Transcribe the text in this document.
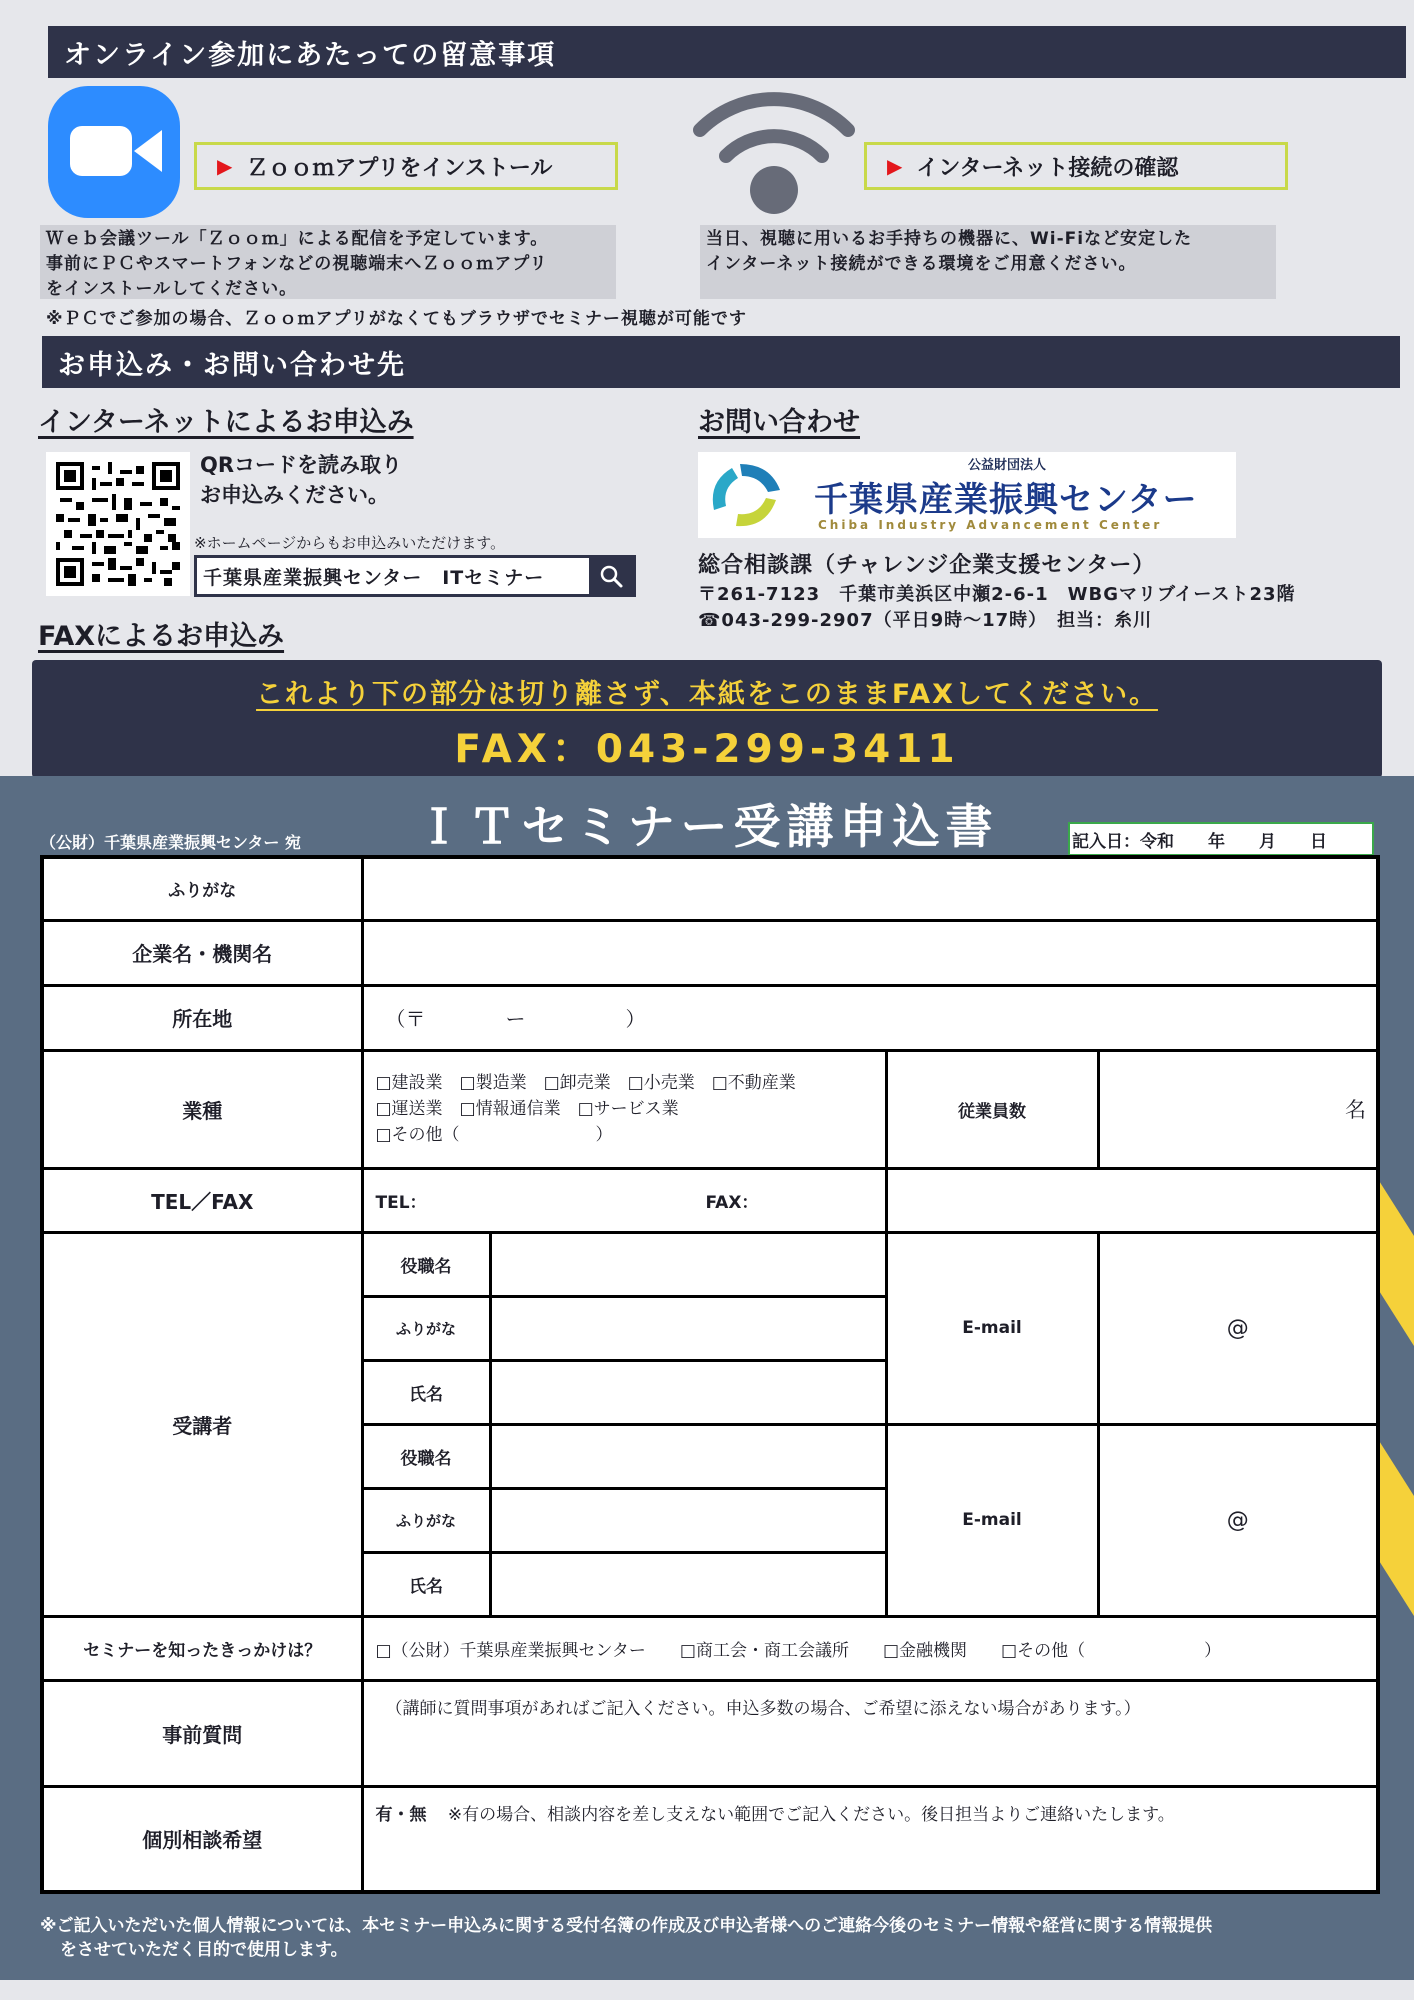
オンライン参加にあたっての留意事項
▶ Ｚｏｏｍアプリをインストール	▶ インターネット接続の確認
Ｗｅｂ会議ツール「Ｚｏｏｍ」による配信を予定しています。
事前にＰＣやスマートフォンなどの視聴端末へＺｏｏｍアプリ
をインストールしてください。
当日、視聴に用いるお手持ちの機器に、Wi-Fiなど安定した
インターネット接続ができる環境をご用意ください。
※ＰＣでご参加の場合、Ｚｏｏｍアプリがなくてもブラウザでセミナー視聴が可能です
お申込み・お問い合わせ先
インターネットによるお申込み
QRコードを読み取り
お申込みください。
※ホームページからもお申込みいただけます。
千葉県産業振興センター　ITセミナー
FAXによるお申込み
お問い合わせ
公益財団法人
千葉県産業振興センター
Chiba Industry Advancement Center
総合相談課（チャレンジ企業支援センター）
〒261-7123　千葉市美浜区中瀬2-6-1　WBGマリブイースト23階
☎043-299-2907（平日9時～17時）　担当：糸川
これより下の部分は切り離さず、本紙をこのままFAXしてください。
FAX：043-299-3411
ＩＴセミナー受講申込書
（公財）千葉県産業振興センター 宛	記入日：令和　　年　　月　　日
ふりがな				
企業名・機関名				
所在地	（〒　　　　ー　　　　　）			
業種	□建設業　□製造業　□卸売業　□小売業　□不動産業
□運送業　□情報通信業　□サービス業
□その他（　　　　　　　　）		従業員数	名
TEL／FAX	TEL：		FAX：	
受講者	役職名		E-mail	@
	ふりがな			
	氏名			
	役職名		E-mail	@
	ふりがな			
	氏名			
セミナーを知ったきっかけは？	□（公財）千葉県産業振興センター　　□商工会・商工会議所　　□金融機関　　□その他（　　　　　　　）			
事前質問	（講師に質問事項があればご記入ください。申込多数の場合、ご希望に添えない場合があります。）			
個別相談希望	有・無 ※有の場合、相談内容を差し支えない範囲でご記入ください。後日担当よりご連絡いたします。			
※ご記入いただいた個人情報については、本セミナー申込みに関する受付名簿の作成及び申込者様へのご連絡今後のセミナー情報や経営に関する情報提供
をさせていただく目的で使用します。
